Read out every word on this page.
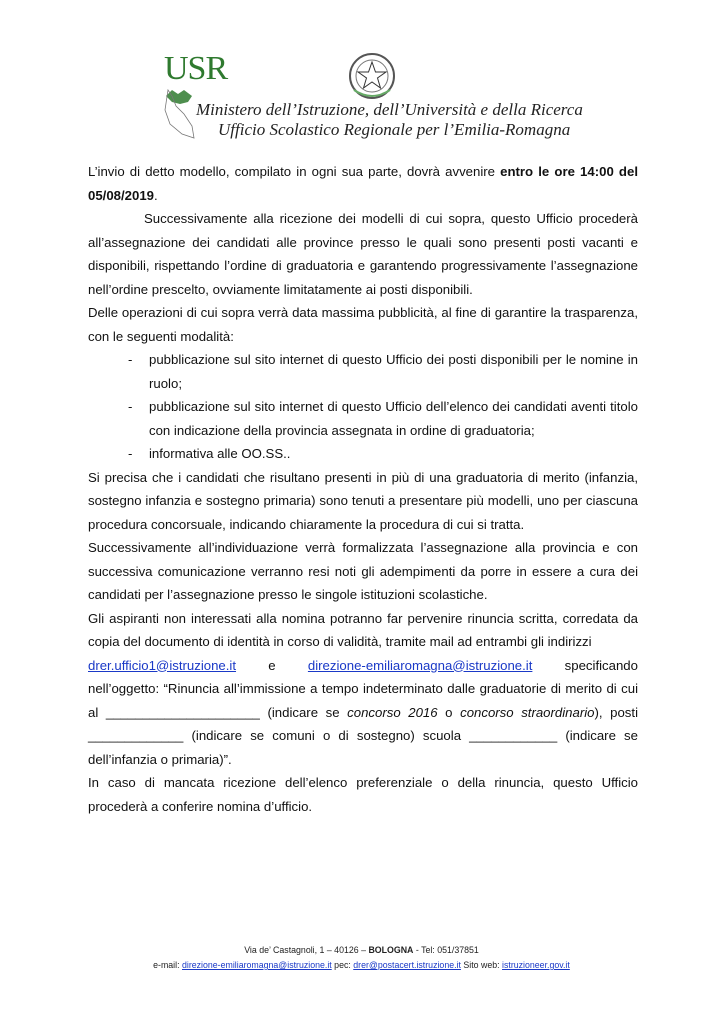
USR
Ministero dell’Istruzione, dell’Università e della Ricerca
Ufficio Scolastico Regionale per l’Emilia-Romagna

L’invio di detto modello, compilato in ogni sua parte, dovrà avvenire entro le ore 14:00 del 05/08/2019.

Successivamente alla ricezione dei modelli di cui sopra, questo Ufficio procederà all’assegnazione dei candidati alle province presso le quali sono presenti posti vacanti e disponibili, rispettando l’ordine di graduatoria e garantendo progressivamente l’assegnazione nell’ordine prescelto, ovviamente limitatamente ai posti disponibili.

Delle operazioni di cui sopra verrà data massima pubblicità, al fine di garantire la trasparenza, con le seguenti modalità:

- pubblicazione sul sito internet di questo Ufficio dei posti disponibili per le nomine in ruolo;
- pubblicazione sul sito internet di questo Ufficio dell’elenco dei candidati aventi titolo con indicazione della provincia assegnata in ordine di graduatoria;
- informativa alle OO.SS..

Si precisa che i candidati che risultano presenti in più di una graduatoria di merito (infanzia, sostegno infanzia e sostegno primaria) sono tenuti a presentare più modelli, uno per ciascuna procedura concorsuale, indicando chiaramente la procedura di cui si tratta.

Successivamente all’individuazione verrà formalizzata l’assegnazione alla provincia e con successiva comunicazione verranno resi noti gli adempimenti da porre in essere a cura dei candidati per l’assegnazione presso le singole istituzioni scolastiche.

Gli aspiranti non interessati alla nomina potranno far pervenire rinuncia scritta, corredata da copia del documento di identità in corso di validità, tramite mail ad entrambi gli indirizzi

drer.ufficio1@istruzione.it e direzione-emiliaromagna@istruzione.it specificando

nell’oggetto: “Rinuncia all’immissione a tempo indeterminato dalle graduatorie di merito di cui al _____________________ (indicare se concorso 2016 o concorso straordinario), posti _____________ (indicare se comuni o di sostegno) scuola ____________ (indicare se dell’infanzia o primaria)”.

In caso di mancata ricezione dell’elenco preferenziale o della rinuncia, questo Ufficio procederà a conferire nomina d’ufficio.

Via de’ Castagnoli, 1 – 40126 – BOLOGNA - Tel: 051/37851
e-mail: direzione-emiliaromagna@istruzione.it pec: drer@postacert.istruzione.it Sito web: istruzioneer.gov.it
